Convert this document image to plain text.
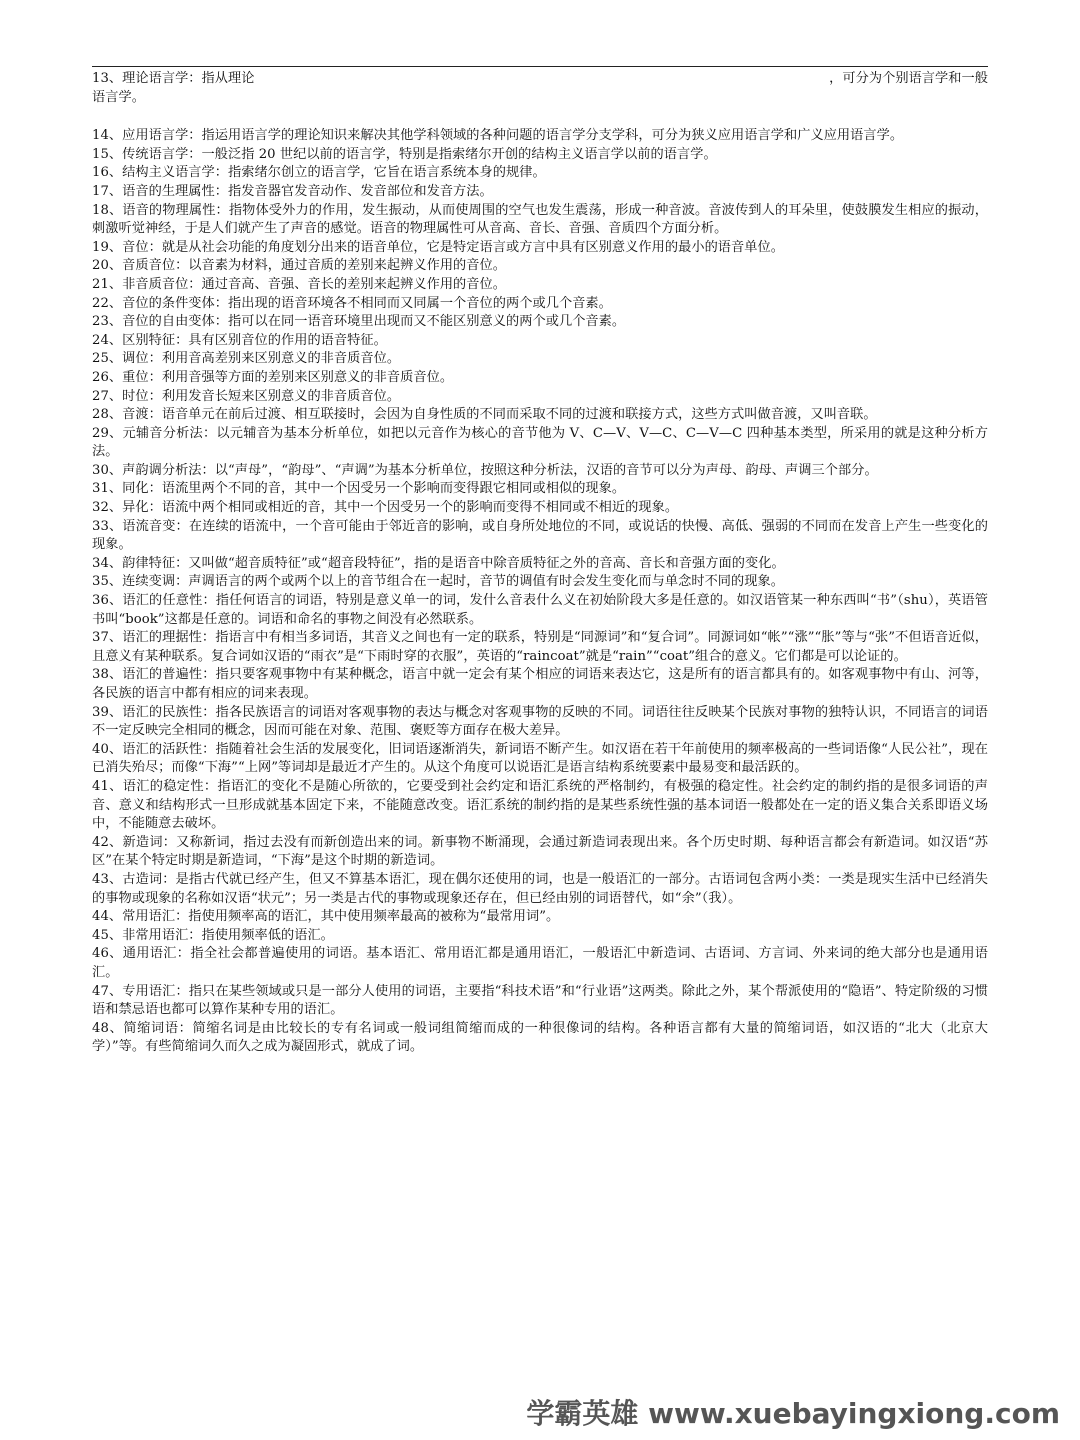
13、理论语言学：指从理论	，可分为个别语言学和一般
语言学。

14、应用语言学：指运用语言学的理论知识来解决其他学科领域的各种问题的语言学分支学科，可分为狭义应用语言学和广义应用语言学。

15、传统语言学：一般泛指 20 世纪以前的语言学，特别是指索绪尔开创的结构主义语言学以前的语言学。

16、结构主义语言学：指索绪尔创立的语言学，它旨在语言系统本身的规律。

17、语音的生理属性：指发音器官发音动作、发音部位和发音方法。

18、语音的物理属性：指物体受外力的作用，发生振动，从而使周围的空气也发生震荡，形成一种音波。音波传到人的耳朵里，使鼓膜发生相应的振动，刺激听觉神经，于是人们就产生了声音的感觉。语音的物理属性可从音高、音长、音强、音质四个方面分析。

19、音位：就是从社会功能的角度划分出来的语音单位，它是特定语言或方言中具有区别意义作用的最小的语音单位。

20、音质音位：以音素为材料，通过音质的差别来起辨义作用的音位。

21、非音质音位：通过音高、音强、音长的差别来起辨义作用的音位。

22、音位的条件变体：指出现的语音环境各不相同而又同属一个音位的两个或几个音素。

23、音位的自由变体：指可以在同一语音环境里出现而又不能区别意义的两个或几个音素。

24、区别特征：具有区别音位的作用的语音特征。

25、调位：利用音高差别来区别意义的非音质音位。

26、重位：利用音强等方面的差别来区别意义的非音质音位。

27、时位：利用发音长短来区别意义的非音质音位。

28、音渡：语音单元在前后过渡、相互联接时，会因为自身性质的不同而采取不同的过渡和联接方式，这些方式叫做音渡，又叫音联。

29、元辅音分析法：以元辅音为基本分析单位，如把以元音作为核心的音节他为 V、C—V、V—C、C—V—C 四种基本类型，所采用的就是这种分析方法。

30、声韵调分析法：以“声母”，“韵母”、“声调”为基本分析单位，按照这种分析法，汉语的音节可以分为声母、韵母、声调三个部分。

31、同化：语流里两个不同的音，其中一个因受另一个影响而变得跟它相同或相似的现象。

32、异化：语流中两个相同或相近的音，其中一个因受另一个的影响而变得不相同或不相近的现象。

33、语流音变：在连续的语流中，一个音可能由于邻近音的影响，或自身所处地位的不同，或说话的快慢、高低、强弱的不同而在发音上产生一些变化的现象。

34、韵律特征：又叫做“超音质特征”或“超音段特征”，指的是语音中除音质特征之外的音高、音长和音强方面的变化。

35、连续变调：声调语言的两个或两个以上的音节组合在一起时，音节的调值有时会发生变化而与单念时不同的现象。

36、语汇的任意性：指任何语言的词语，特别是意义单一的词，发什么音表什么义在初始阶段大多是任意的。如汉语管某一种东西叫“书”（shu），英语管书叫“book”这都是任意的。词语和命名的事物之间没有必然联系。

37、语汇的理据性：指语言中有相当多词语，其音义之间也有一定的联系，特别是“同源词”和“复合词”。同源词如“帐”“涨”“胀”等与“张”不但语音近似，且意义有某种联系。复合词如汉语的“雨衣”是“下雨时穿的衣服”，英语的“raincoat”就是“rain”“coat”组合的意义。它们都是可以论证的。

38、语汇的普遍性：指只要客观事物中有某种概念，语言中就一定会有某个相应的词语来表达它，这是所有的语言都具有的。如客观事物中有山、河等，各民族的语言中都有相应的词来表现。

39、语汇的民族性：指各民族语言的词语对客观事物的表达与概念对客观事物的反映的不同。词语往往反映某个民族对事物的独特认识，不同语言的词语不一定反映完全相同的概念，因而可能在对象、范围、褒贬等方面存在极大差异。

40、语汇的活跃性：指随着社会生活的发展变化，旧词语逐渐消失，新词语不断产生。如汉语在若干年前使用的频率极高的一些词语像“人民公社”，现在已消失殆尽；而像“下海”“上网”等词却是最近才产生的。从这个角度可以说语汇是语言结构系统要素中最易变和最活跃的。

41、语汇的稳定性：指语汇的变化不是随心所欲的，它要受到社会约定和语汇系统的严格制约，有极强的稳定性。社会约定的制约指的是很多词语的声音、意义和结构形式一旦形成就基本固定下来，不能随意改变。语汇系统的制约指的是某些系统性强的基本词语一般都处在一定的语义集合关系即语义场中，不能随意去破坏。

42、新造词：又称新词，指过去没有而新创造出来的词。新事物不断涌现，会通过新造词表现出来。各个历史时期、每种语言都会有新造词。如汉语“苏区”在某个特定时期是新造词，“下海”是这个时期的新造词。

43、古造词：是指古代就已经产生，但又不算基本语汇，现在偶尔还使用的词，也是一般语汇的一部分。古语词包含两小类：一类是现实生活中已经消失的事物或现象的名称如汉语“状元”；另一类是古代的事物或现象还存在，但已经由别的词语替代，如“余”（我）。

44、常用语汇：指使用频率高的语汇，其中使用频率最高的被称为“最常用词”。

45、非常用语汇：指使用频率低的语汇。

46、通用语汇：指全社会都普遍使用的词语。基本语汇、常用语汇都是通用语汇，一般语汇中新造词、古语词、方言词、外来词的绝大部分也是通用语汇。

47、专用语汇：指只在某些领域或只是一部分人使用的词语，主要指“科技术语”和“行业语”这两类。除此之外，某个帮派使用的“隐语”、特定阶级的习惯语和禁忌语也都可以算作某种专用的语汇。

48、简缩词语：简缩名词是由比较长的专有名词或一般词组简缩而成的一种很像词的结构。各种语言都有大量的简缩词语，如汉语的“北大（北京大学）”等。有些简缩词久而久之成为凝固形式，就成了词。

学霸英雄 www.xuebayingxiong.com
